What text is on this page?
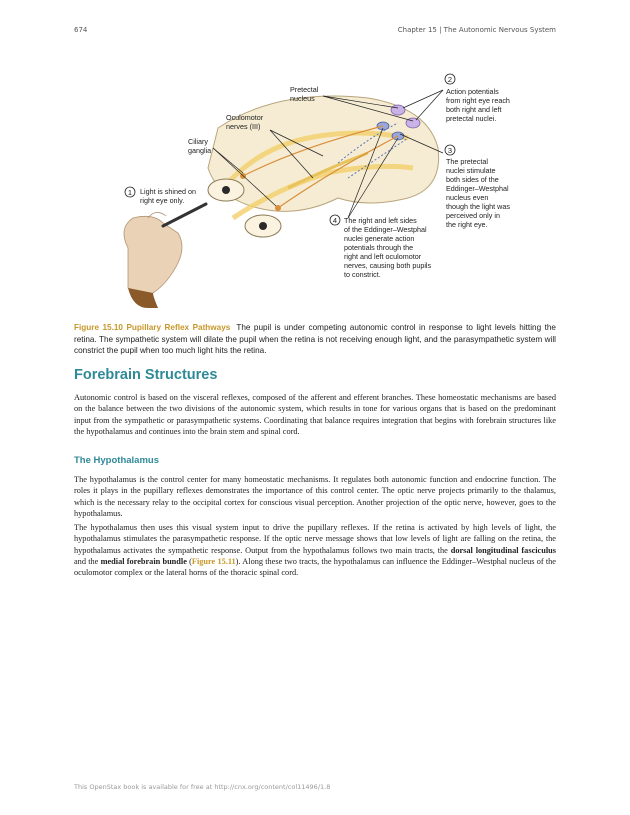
674	Chapter 15 | The Autonomic Nervous System
1
2
3
4
Light is shined on right eye only.
Action potentials from right eye reach both right and left pretectal nuclei.
The pretectal nuclei stimulate both sides of the Eddinger–Westphal nucleus even though the light was perceived only in the right eye.
The right and left sides of the Eddinger–Westphal nuclei generate action potentials through the right and left oculomotor nerves, causing both pupils to constrict.
Pretectal nucleus
Oculomotor nerves (III)
Ciliary ganglia
Figure 15.10 Pupillary Reflex Pathways The pupil is under competing autonomic control in response to light levels hitting the retina. The sympathetic system will dilate the pupil when the retina is not receiving enough light, and the parasympathetic system will constrict the pupil when too much light hits the retina.
Forebrain Structures

Autonomic control is based on the visceral reflexes, composed of the afferent and efferent branches. These homeostatic mechanisms are based on the balance between the two divisions of the autonomic system, which results in tone for various organs that is based on the predominant input from the sympathetic or parasympathetic systems. Coordinating that balance requires integration that begins with forebrain structures like the hypothalamus and continues into the brain stem and spinal cord.

The Hypothalamus

The hypothalamus is the control center for many homeostatic mechanisms. It regulates both autonomic function and endocrine function. The roles it plays in the pupillary reflexes demonstrates the importance of this control center. The optic nerve projects primarily to the thalamus, which is the necessary relay to the occipital cortex for conscious visual perception. Another projection of the optic nerve, however, goes to the hypothalamus.

The hypothalamus then uses this visual system input to drive the pupillary reflexes. If the retina is activated by high levels of light, the hypothalamus stimulates the parasympathetic response. If the optic nerve message shows that low levels of light are falling on the retina, the hypothalamus activates the sympathetic response. Output from the hypothalamus follows two main tracts, the dorsal longitudinal fasciculus and the medial forebrain bundle (Figure 15.11). Along these two tracts, the hypothalamus can influence the Eddinger–Westphal nucleus of the oculomotor complex or the lateral horns of the thoracic spinal cord.

This OpenStax book is available for free at http://cnx.org/content/col11496/1.8
